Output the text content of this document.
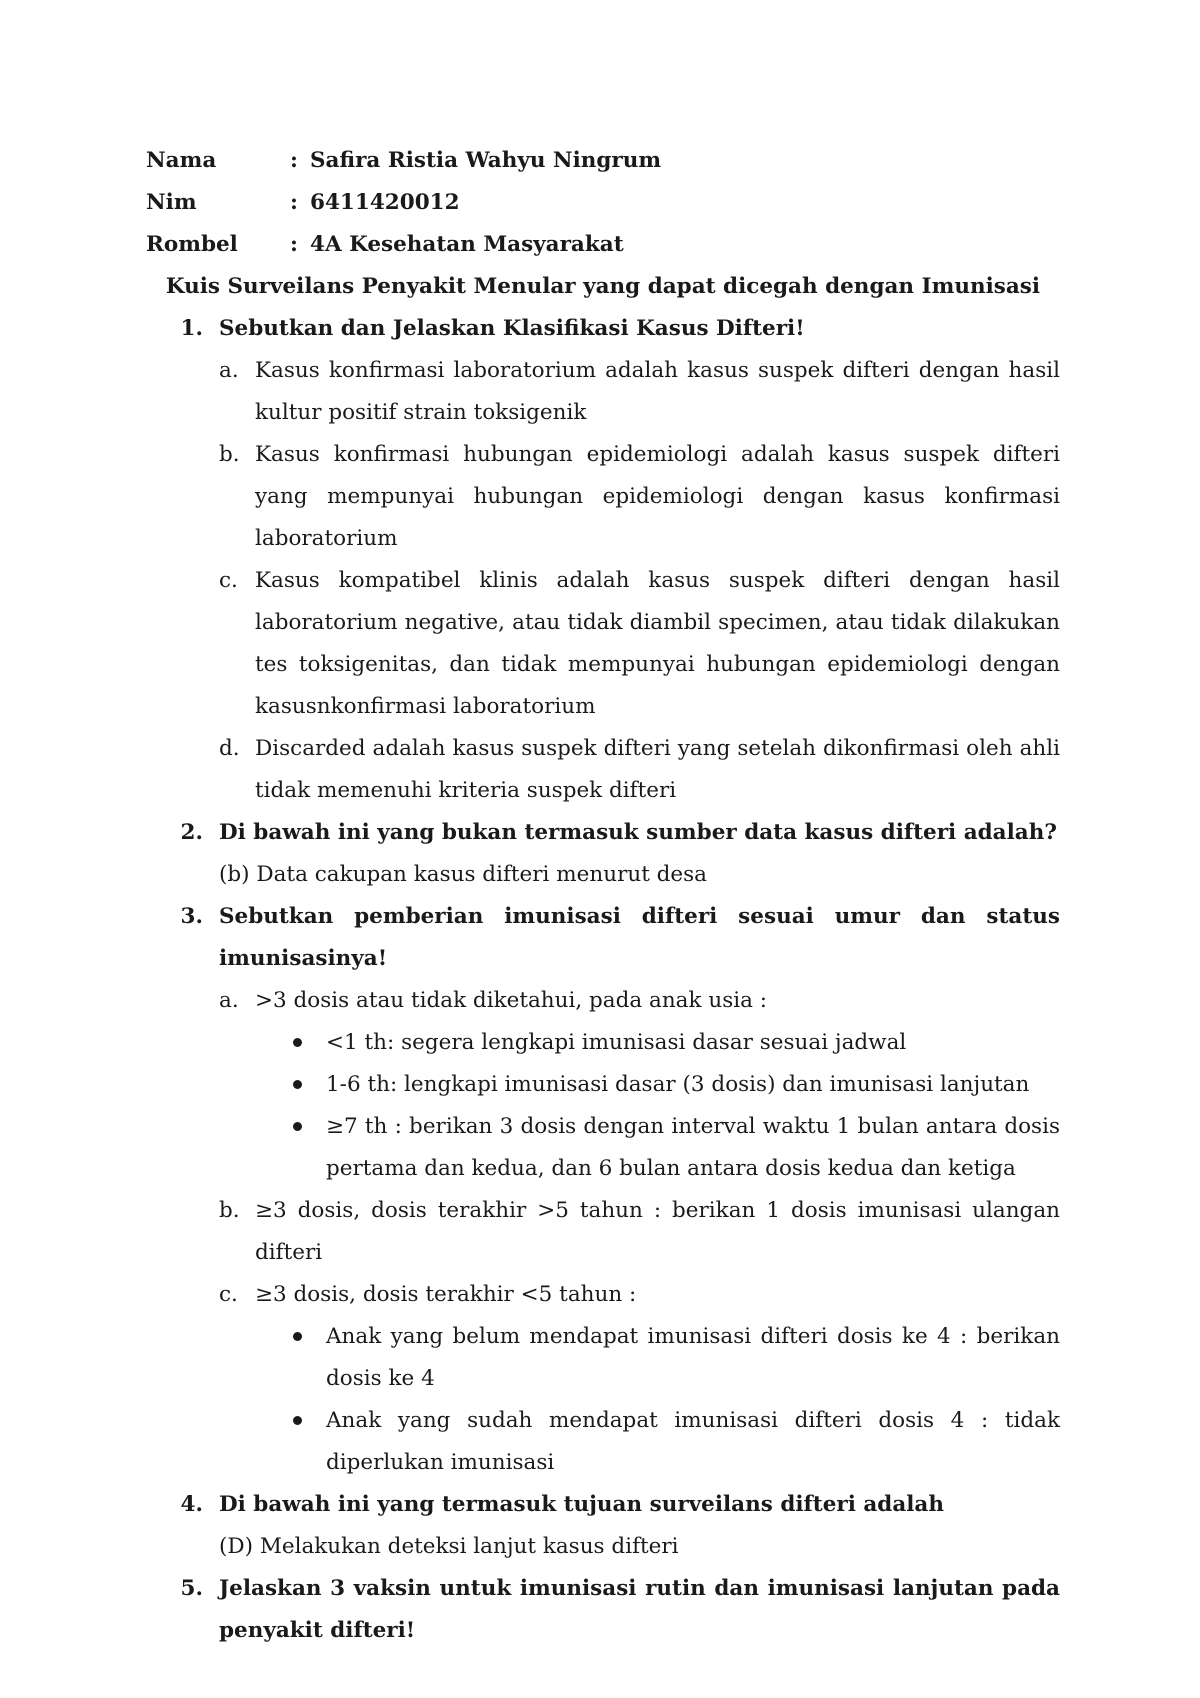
Nama	: Safira Ristia Wahyu Ningrum
Nim	: 6411420012
Rombel	: 4A Kesehatan Masyarakat
Kuis Surveilans Penyakit Menular yang dapat dicegah dengan Imunisasi
1. Sebutkan dan Jelaskan Klasifikasi Kasus Difteri!
a. Kasus konfirmasi laboratorium adalah kasus suspek difteri dengan hasil kultur positif strain toksigenik
b. Kasus konfirmasi hubungan epidemiologi adalah kasus suspek difteri yang mempunyai hubungan epidemiologi dengan kasus konfirmasi laboratorium
c. Kasus kompatibel klinis adalah kasus suspek difteri dengan hasil laboratorium negative, atau tidak diambil specimen, atau tidak dilakukan tes toksigenitas, dan tidak mempunyai hubungan epidemiologi dengan kasusnkonfirmasi laboratorium
d. Discarded adalah kasus suspek difteri yang setelah dikonfirmasi oleh ahli tidak memenuhi kriteria suspek difteri
2. Di bawah ini yang bukan termasuk sumber data kasus difteri adalah?
(b) Data cakupan kasus difteri menurut desa
3. Sebutkan pemberian imunisasi difteri sesuai umur dan status imunisasinya!
a. >3 dosis atau tidak diketahui, pada anak usia :
<1 th: segera lengkapi imunisasi dasar sesuai jadwal
1-6 th: lengkapi imunisasi dasar (3 dosis) dan imunisasi lanjutan
≥7 th : berikan 3 dosis dengan interval waktu 1 bulan antara dosis pertama dan kedua, dan 6 bulan antara dosis kedua dan ketiga
b. ≥3 dosis, dosis terakhir >5 tahun : berikan 1 dosis imunisasi ulangan difteri
c. ≥3 dosis, dosis terakhir <5 tahun :
Anak yang belum mendapat imunisasi difteri dosis ke 4 : berikan dosis ke 4
Anak yang sudah mendapat imunisasi difteri dosis 4 : tidak diperlukan imunisasi
4. Di bawah ini yang termasuk tujuan surveilans difteri adalah
(D) Melakukan deteksi lanjut kasus difteri
5. Jelaskan 3 vaksin untuk imunisasi rutin dan imunisasi lanjutan pada penyakit difteri!
